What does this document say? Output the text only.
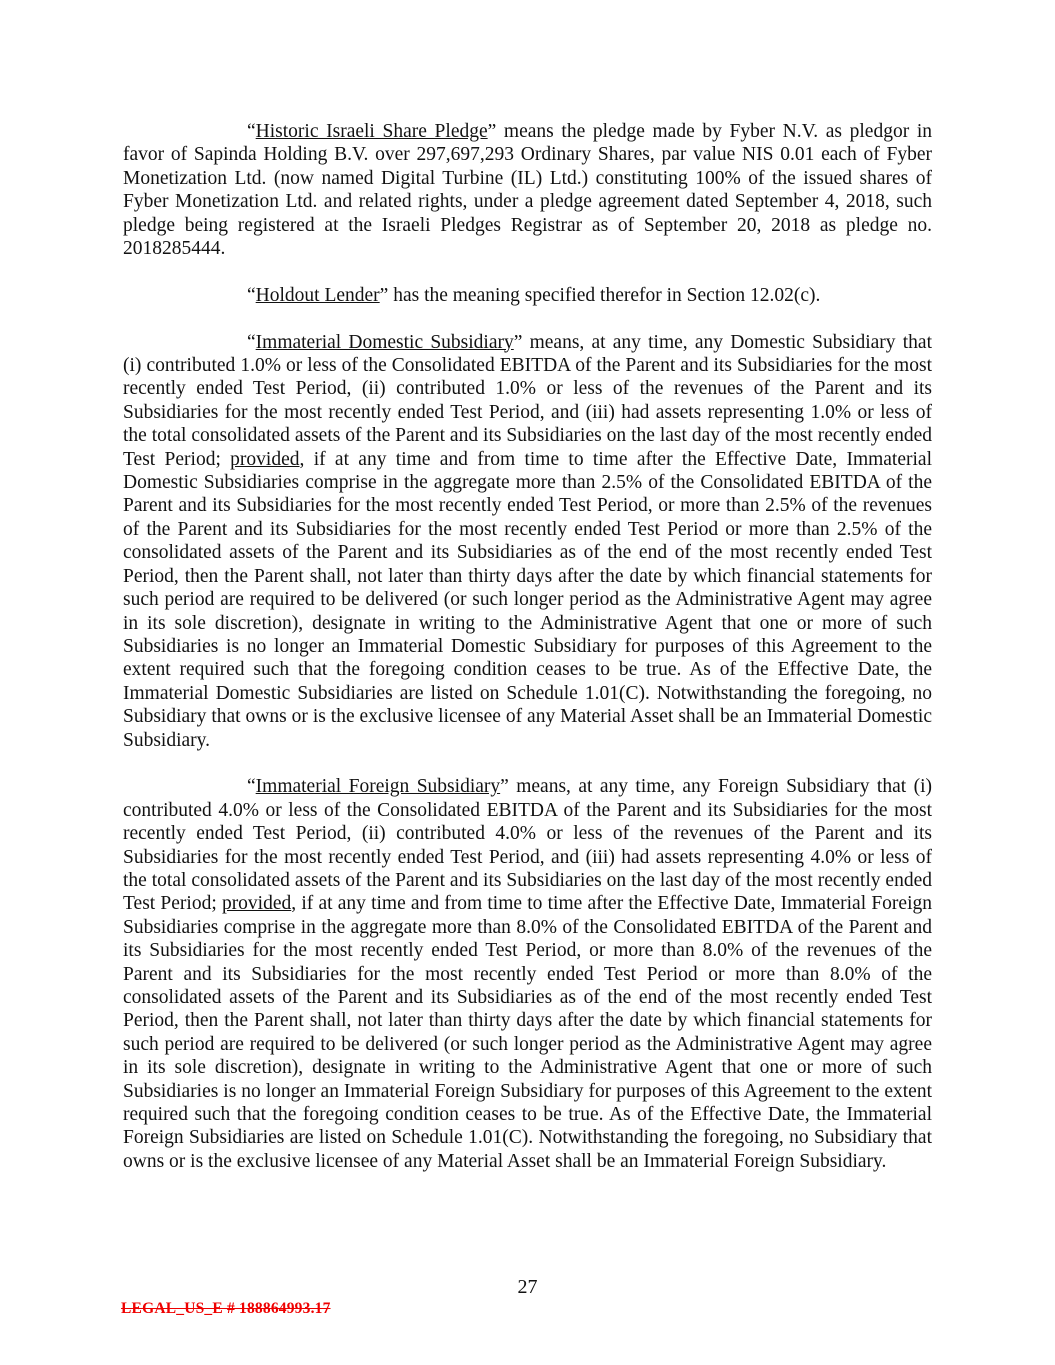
“Historic Israeli Share Pledge” means the pledge made by Fyber N.V. as pledgor in favor of Sapinda Holding B.V. over 297,697,293 Ordinary Shares, par value NIS 0.01 each of Fyber Monetization Ltd. (now named Digital Turbine (IL) Ltd.) constituting 100% of the issued shares of Fyber Monetization Ltd. and related rights, under a pledge agreement dated September 4, 2018, such pledge being registered at the Israeli Pledges Registrar as of September 20, 2018 as pledge no. 2018285444.

“Holdout Lender” has the meaning specified therefor in Section 12.02(c).

“Immaterial Domestic Subsidiary” means, at any time, any Domestic Subsidiary that (i) contributed 1.0% or less of the Consolidated EBITDA of the Parent and its Subsidiaries for the most recently ended Test Period, (ii) contributed 1.0% or less of the revenues of the Parent and its Subsidiaries for the most recently ended Test Period, and (iii) had assets representing 1.0% or less of the total consolidated assets of the Parent and its Subsidiaries on the last day of the most recently ended Test Period; provided, if at any time and from time to time after the Effective Date, Immaterial Domestic Subsidiaries comprise in the aggregate more than 2.5% of the Consolidated EBITDA of the Parent and its Subsidiaries for the most recently ended Test Period, or more than 2.5% of the revenues of the Parent and its Subsidiaries for the most recently ended Test Period or more than 2.5% of the consolidated assets of the Parent and its Subsidiaries as of the end of the most recently ended Test Period, then the Parent shall, not later than thirty days after the date by which financial statements for such period are required to be delivered (or such longer period as the Administrative Agent may agree in its sole discretion), designate in writing to the Administrative Agent that one or more of such Subsidiaries is no longer an Immaterial Domestic Subsidiary for purposes of this Agreement to the extent required such that the foregoing condition ceases to be true. As of the Effective Date, the Immaterial Domestic Subsidiaries are listed on Schedule 1.01(C). Notwithstanding the foregoing, no Subsidiary that owns or is the exclusive licensee of any Material Asset shall be an Immaterial Domestic Subsidiary.

“Immaterial Foreign Subsidiary” means, at any time, any Foreign Subsidiary that (i) contributed 4.0% or less of the Consolidated EBITDA of the Parent and its Subsidiaries for the most recently ended Test Period, (ii) contributed 4.0% or less of the revenues of the Parent and its Subsidiaries for the most recently ended Test Period, and (iii) had assets representing 4.0% or less of the total consolidated assets of the Parent and its Subsidiaries on the last day of the most recently ended Test Period; provided, if at any time and from time to time after the Effective Date, Immaterial Foreign Subsidiaries comprise in the aggregate more than 8.0% of the Consolidated EBITDA of the Parent and its Subsidiaries for the most recently ended Test Period, or more than 8.0% of the revenues of the Parent and its Subsidiaries for the most recently ended Test Period or more than 8.0% of the consolidated assets of the Parent and its Subsidiaries as of the end of the most recently ended Test Period, then the Parent shall, not later than thirty days after the date by which financial statements for such period are required to be delivered (or such longer period as the Administrative Agent may agree in its sole discretion), designate in writing to the Administrative Agent that one or more of such Subsidiaries is no longer an Immaterial Foreign Subsidiary for purposes of this Agreement to the extent required such that the foregoing condition ceases to be true. As of the Effective Date, the Immaterial Foreign Subsidiaries are listed on Schedule 1.01(C). Notwithstanding the foregoing, no Subsidiary that owns or is the exclusive licensee of any Material Asset shall be an Immaterial Foreign Subsidiary.

27
LEGAL_US_E # 188864993.17
